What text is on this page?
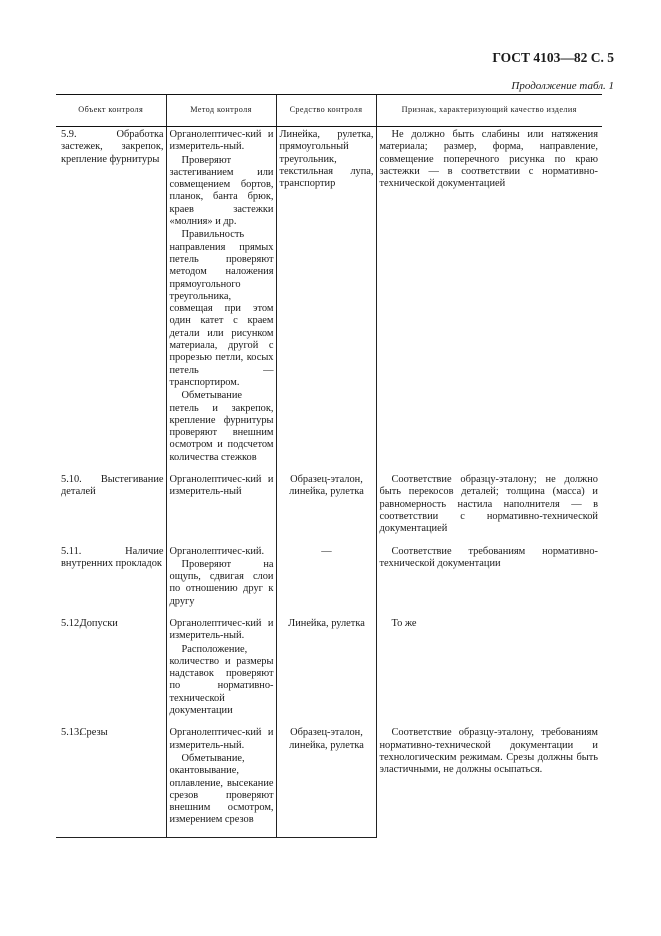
ГОСТ 4103—82 С. 5
Продолжение табл. 1
Объект контроля	Метод контроля	Средство контроля	Признак, характеризующий качество изделия
5.9. Обработка застежек, закрепок, крепление фурнитуры	Органолептичес-кий и измеритель-ный.
Проверяют застегиванием или совмещением бортов, планок, банта брюк, краев застежки «молния» и др.
Правильность направления прямых петель проверяют методом наложения прямоугольного треугольника, совмещая при этом один катет с краем детали или рисунком материала, другой с прорезью петли, косых петель — транспортиром.
Обметывание петель и закрепок, крепление фурнитуры проверяют внешним осмотром и подсчетом количества стежков	Линейка, рулетка, прямоугольный треугольник, текстильная лупа, транспортир	Не должно быть слабины или натяжения материала; размер, форма, направление, совмещение поперечного рисунка по краю застежки — в соответствии с нормативно-технической документацией
5.10. Выстегивание деталей	Органолептичес-кий и измеритель-ный	Образец-эталон, линейка, рулетка	Соответствие образцу-эталону; не должно быть перекосов деталей; толщина (масса) и равномерность настила наполнителя — в соответствии с нормативно-технической документацией
5.11. Наличие внутренних прокладок	Органолептичес-кий.
Проверяют на ощупь, сдвигая слои по отношению друг к другу	—	Соответствие требованиям нормативно-технической документации
5.12. Допуски	Органолептичес-кий и измеритель-ный.
Расположение, количество и размеры надставок проверяют по нормативно-технической документации	Линейка, рулетка	То же
5.13. Срезы	Органолептичес-кий и измеритель-ный.
Обметывание, окантовывание, оплавление, высекание срезов проверяют внешним осмотром, измерением срезов	Образец-эталон, линейка, рулетка	Соответствие образцу-эталону, требованиям нормативно-технической документации и технологическим режимам. Срезы должны быть эластичными, не должны осыпаться.
